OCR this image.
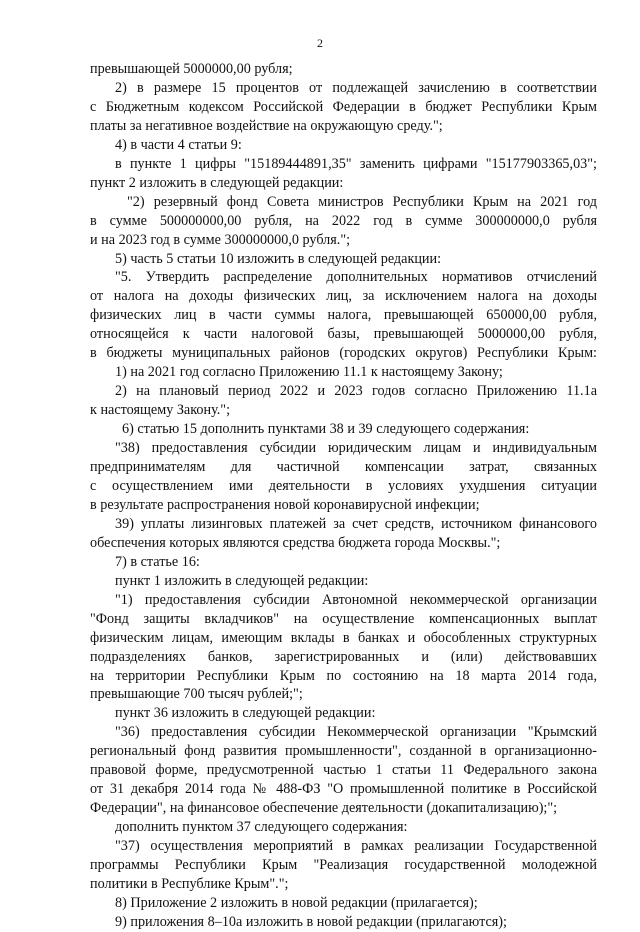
2

превышающей 5000000,00 рубля;

2) в размере 15 процентов от подлежащей зачислению в соответствии

с Бюджетным кодексом Российской Федерации в бюджет Республики Крым

платы за негативное воздействие на окружающую среду.";

4) в части 4 статьи 9:

в пункте 1 цифры "15189444891,35" заменить цифрами "15177903365,03";

пункт 2 изложить в следующей редакции:

"2) резервный фонд Совета министров Республики Крым на 2021 год

в сумме 500000000,00 рубля, на 2022 год в сумме 300000000,0 рубля

и на 2023 год в сумме 300000000,0 рубля.";

5) часть 5 статьи 10 изложить в следующей редакции:

"5. Утвердить распределение дополнительных нормативов отчислений

от налога на доходы физических лиц, за исключением налога на доходы

физических лиц в части суммы налога, превышающей 650000,00 рубля,

относящейся к части налоговой базы, превышающей 5000000,00 рубля,

в бюджеты муниципальных районов (городских округов) Республики Крым:

1) на 2021 год согласно Приложению 11.1 к настоящему Закону;

2) на плановый период 2022 и 2023 годов согласно Приложению 11.1а

к настоящему Закону.";

6) статью 15 дополнить пунктами 38 и 39 следующего содержания:

"38) предоставления субсидии юридическим лицам и индивидуальным

предпринимателям для частичной компенсации затрат, связанных

с осуществлением ими деятельности в условиях ухудшения ситуации

в результате распространения новой коронавирусной инфекции;

39) уплаты лизинговых платежей за счет средств, источником финансового

обеспечения которых являются средства бюджета города Москвы.";

7) в статье 16:

пункт 1 изложить в следующей редакции:

"1) предоставления субсидии Автономной некоммерческой организации

"Фонд защиты вкладчиков" на осуществление компенсационных выплат

физическим лицам, имеющим вклады в банках и обособленных структурных

подразделениях банков, зарегистрированных и (или) действовавших

на территории Республики Крым по состоянию на 18 марта 2014 года,

превышающие 700 тысяч рублей;";

пункт 36 изложить в следующей редакции:

"36) предоставления субсидии Некоммерческой организации "Крымский

региональный фонд развития промышленности", созданной в организационно-

правовой форме, предусмотренной частью 1 статьи 11 Федерального закона

от 31 декабря 2014 года № 488-ФЗ "О промышленной политике в Российской

Федерации", на финансовое обеспечение деятельности (докапитализацию);";

дополнить пунктом 37 следующего содержания:

"37) осуществления мероприятий в рамках реализации Государственной

программы Республики Крым "Реализация государственной молодежной

политики в Республике Крым".";

8) Приложение 2 изложить в новой редакции (прилагается);

9) приложения 8–10а изложить в новой редакции (прилагаются);
